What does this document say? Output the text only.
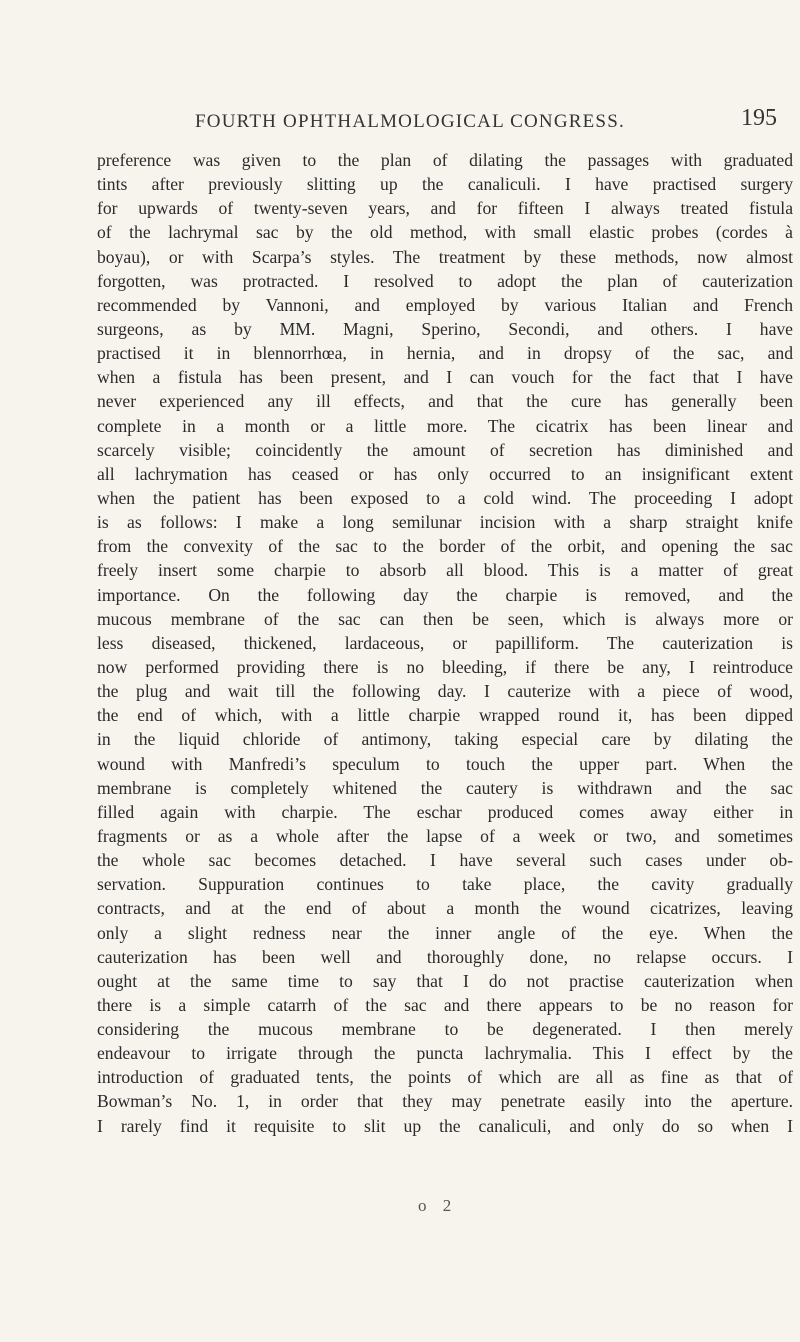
FOURTH OPHTHALMOLOGICAL CONGRESS.	195
preference was given to the plan of dilating the passages with graduated
tints after previously slitting up the canaliculi. I have practised surgery
for upwards of twenty-seven years, and for fifteen I always treated fistula
of the lachrymal sac by the old method, with small elastic probes (cordes à
boyau), or with Scarpa’s styles. The treatment by these methods, now almost
forgotten, was protracted. I resolved to adopt the plan of cauterization
recommended by Vannoni, and employed by various Italian and French
surgeons, as by MM. Magni, Sperino, Secondi, and others. I have
practised it in blennorrhœa, in hernia, and in dropsy of the sac, and
when a fistula has been present, and I can vouch for the fact that I have
never experienced any ill effects, and that the cure has generally been
complete in a month or a little more. The cicatrix has been linear and
scarcely visible; coincidently the amount of secretion has diminished and
all lachrymation has ceased or has only occurred to an insignificant extent
when the patient has been exposed to a cold wind. The proceeding I adopt
is as follows: I make a long semilunar incision with a sharp straight knife
from the convexity of the sac to the border of the orbit, and opening the sac
freely insert some charpie to absorb all blood. This is a matter of great
importance. On the following day the charpie is removed, and the
mucous membrane of the sac can then be seen, which is always more or
less diseased, thickened, lardaceous, or papilliform. The cauterization is
now performed providing there is no bleeding, if there be any, I reintroduce
the plug and wait till the following day. I cauterize with a piece of wood,
the end of which, with a little charpie wrapped round it, has been dipped
in the liquid chloride of antimony, taking especial care by dilating the
wound with Manfredi’s speculum to touch the upper part. When the
membrane is completely whitened the cautery is withdrawn and the sac
filled again with charpie. The eschar produced comes away either in
fragments or as a whole after the lapse of a week or two, and sometimes
the whole sac becomes detached. I have several such cases under ob-
servation. Suppuration continues to take place, the cavity gradually
contracts, and at the end of about a month the wound cicatrizes, leaving
only a slight redness near the inner angle of the eye. When the
cauterization has been well and thoroughly done, no relapse occurs. I
ought at the same time to say that I do not practise cauterization when
there is a simple catarrh of the sac and there appears to be no reason for
considering the mucous membrane to be degenerated. I then merely
endeavour to irrigate through the puncta lachrymalia. This I effect by the
introduction of graduated tents, the points of which are all as fine as that of
Bowman’s No. 1, in order that they may penetrate easily into the aperture.
I rarely find it requisite to slit up the canaliculi, and only do so when I
o 2
